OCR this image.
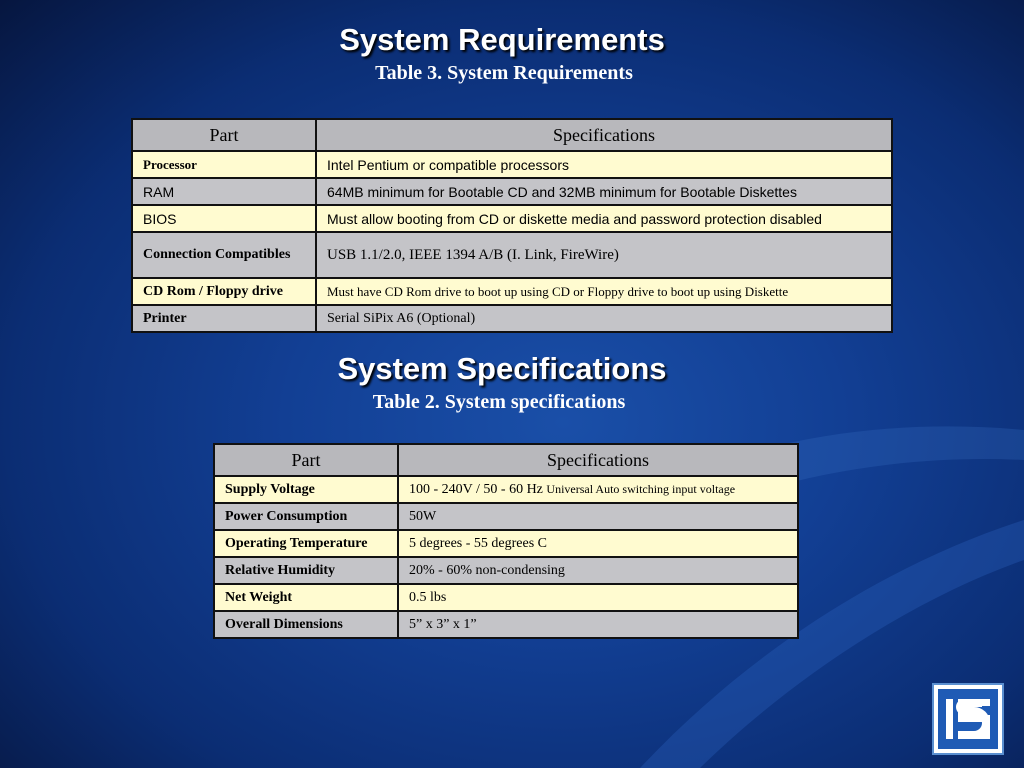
System Requirements
Table 3. System Requirements
Part	Specifications
Processor	Intel Pentium or compatible processors
RAM	64MB minimum for Bootable CD and 32MB minimum for Bootable Diskettes
BIOS	Must allow booting from CD or diskette media and password protection disabled
Connection Compatibles	USB 1.1/2.0, IEEE 1394 A/B (I. Link, FireWire)
CD Rom / Floppy drive	Must have CD Rom drive to boot up using CD or Floppy drive to boot up using Diskette
Printer	Serial SiPix A6 (Optional)
System Specifications
Table 2. System specifications
Part	Specifications
Supply Voltage	100 - 240V / 50 - 60 Hz Universal Auto switching input voltage
Power Consumption	50W
Operating Temperature	5 degrees - 55 degrees C
Relative Humidity	20% - 60% non-condensing
Net Weight	0.5 lbs
Overall Dimensions	5” x 3” x 1”
